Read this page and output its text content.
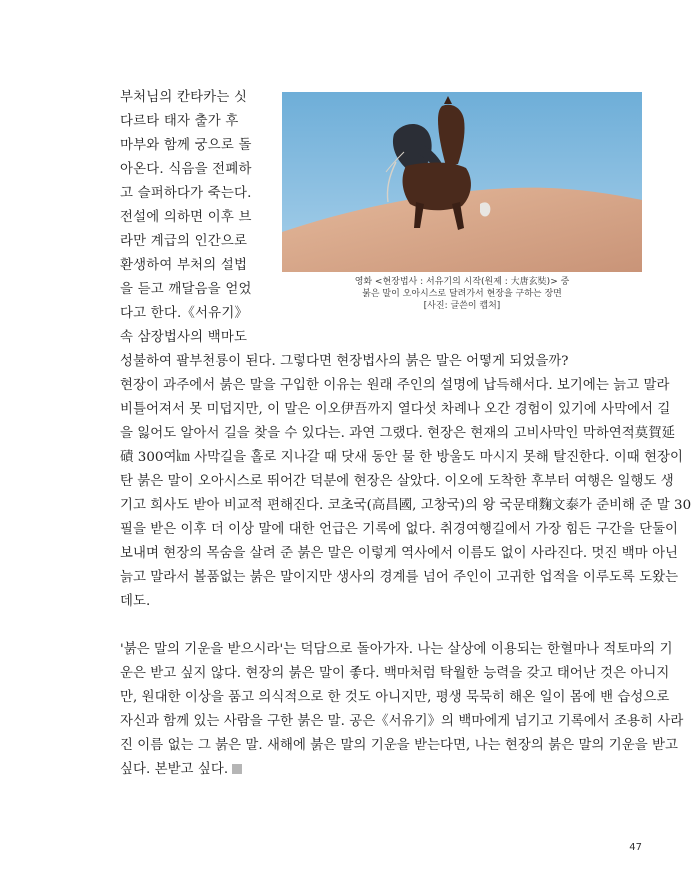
부처님의 칸타카는 싯

다르타 태자 출가 후

마부와 함께 궁으로 돌

아온다. 식음을 전폐하

고 슬퍼하다가 죽는다.

전설에 의하면 이후 브

라만 계급의 인간으로

환생하여 부처의 설법

을 듣고 깨달음을 얻었

다고 한다.《서유기》

속 삼장법사의 백마도

영화 <현장법사 : 서유기의 시작(원제 : 大唐玄奘)> 중
붉은 말이 오아시스로 달려가서 현장을 구하는 장면
[사진: 글쓴이 캡처]

성불하여 팔부천룡이 된다. 그렇다면 현장법사의 붉은 말은 어떻게 되었을까?

현장이 과주에서 붉은 말을 구입한 이유는 원래 주인의 설명에 납득해서다. 보기에는 늙고 말라

비틀어져서 못 미덥지만, 이 말은 이오伊吾까지 열다섯 차례나 오간 경험이 있기에 사막에서 길

을 잃어도 알아서 길을 찾을 수 있다는. 과연 그랬다. 현장은 현재의 고비사막인 막하연적莫賀延

磧 300여㎞ 사막길을 홀로 지나갈 때 닷새 동안 물 한 방울도 마시지 못해 탈진한다. 이때 현장이

탄 붉은 말이 오아시스로 뛰어간 덕분에 현장은 살았다. 이오에 도착한 후부터 여행은 일행도 생

기고 희사도 받아 비교적 편해진다. 코초국(高昌國, 고창국)의 왕 국문태麴文泰가 준비해 준 말 30

필을 받은 이후 더 이상 말에 대한 언급은 기록에 없다. 취경여행길에서 가장 힘든 구간을 단둘이

보내며 현장의 목숨을 살려 준 붉은 말은 이렇게 역사에서 이름도 없이 사라진다. 멋진 백마 아닌

늙고 말라서 볼품없는 붉은 말이지만 생사의 경계를 넘어 주인이 고귀한 업적을 이루도록 도왔는

데도.

'붉은 말의 기운을 받으시라'는 덕담으로 돌아가자. 나는 살상에 이용되는 한혈마나 적토마의 기

운은 받고 싶지 않다. 현장의 붉은 말이 좋다. 백마처럼 탁월한 능력을 갖고 태어난 것은 아니지

만, 원대한 이상을 품고 의식적으로 한 것도 아니지만, 평생 묵묵히 해온 일이 몸에 밴 습성으로

자신과 함께 있는 사람을 구한 붉은 말. 공은《서유기》의 백마에게 넘기고 기록에서 조용히 사라

진 이름 없는 그 붉은 말. 새해에 붉은 말의 기운을 받는다면, 나는 현장의 붉은 말의 기운을 받고

싶다. 본받고 싶다.

47
